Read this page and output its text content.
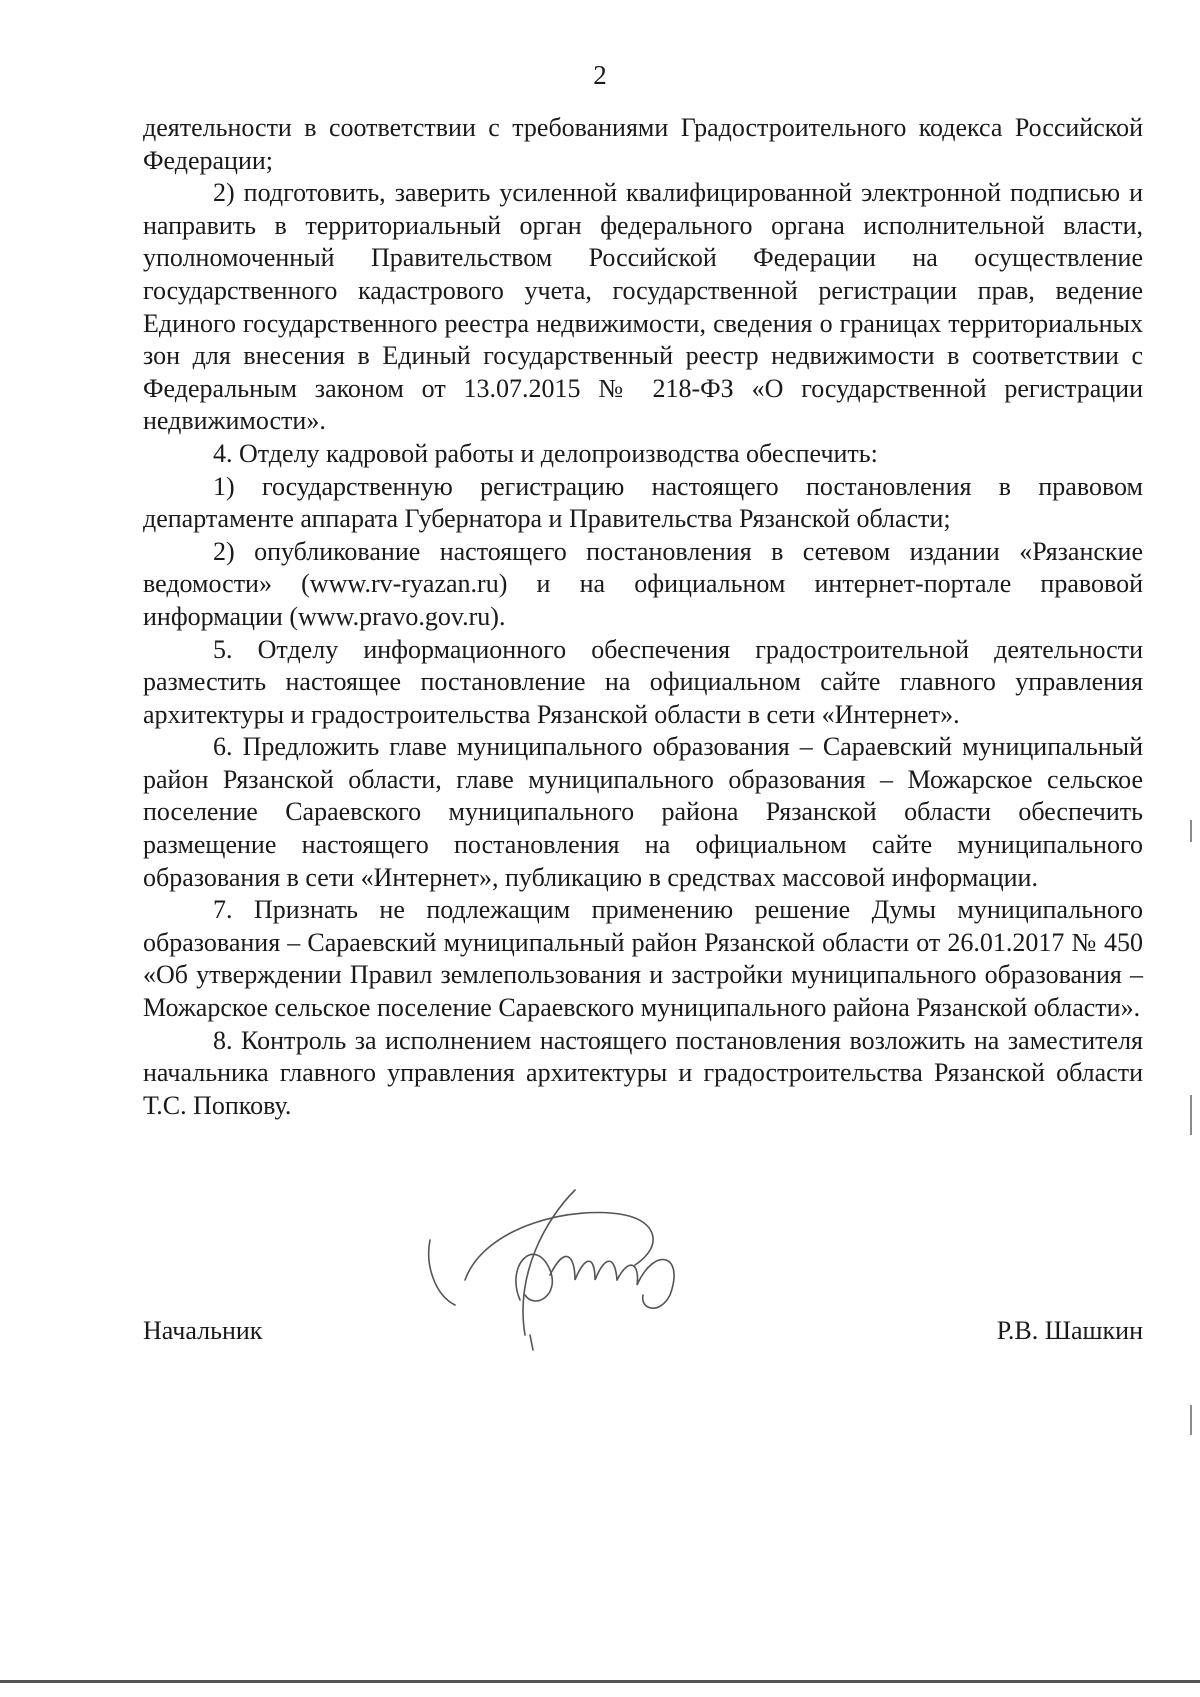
2

деятельности в соответствии с требованиями Градостроительного кодекса Российской Федерации;

2) подготовить, заверить усиленной квалифицированной электронной подписью и направить в территориальный орган федерального органа исполнительной власти, уполномоченный Правительством Российской Федерации на осуществление государственного кадастрового учета, государственной регистрации прав, ведение Единого государственного реестра недвижимости, сведения о границах территориальных зон для внесения в Единый государственный реестр недвижимости в соответствии с Федеральным законом от 13.07.2015 № 218-ФЗ «О государственной регистрации недвижимости».

4. Отделу кадровой работы и делопроизводства обеспечить:

1) государственную регистрацию настоящего постановления в правовом департаменте аппарата Губернатора и Правительства Рязанской области;

2) опубликование настоящего постановления в сетевом издании «Рязанские ведомости» (www.rv-ryazan.ru) и на официальном интернет-портале правовой информации (www.pravo.gov.ru).

5. Отделу информационного обеспечения градостроительной деятельности разместить настоящее постановление на официальном сайте главного управления архитектуры и градостроительства Рязанской области в сети «Интернет».

6. Предложить главе муниципального образования – Сараевский муниципальный район Рязанской области, главе муниципального образования – Можарское сельское поселение Сараевского муниципального района Рязанской области обеспечить размещение настоящего постановления на официальном сайте муниципального образования в сети «Интернет», публикацию в средствах массовой информации.

7. Признать не подлежащим применению решение Думы муниципального образования – Сараевский муниципальный район Рязанской области от 26.01.2017 № 450 «Об утверждении Правил землепользования и застройки муниципального образования – Можарское сельское поселение Сараевского муниципального района Рязанской области».

8. Контроль за исполнением настоящего постановления возложить на заместителя начальника главного управления архитектуры и градостроительства Рязанской области Т.С. Попкову.

Начальник	Р.В. Шашкин
